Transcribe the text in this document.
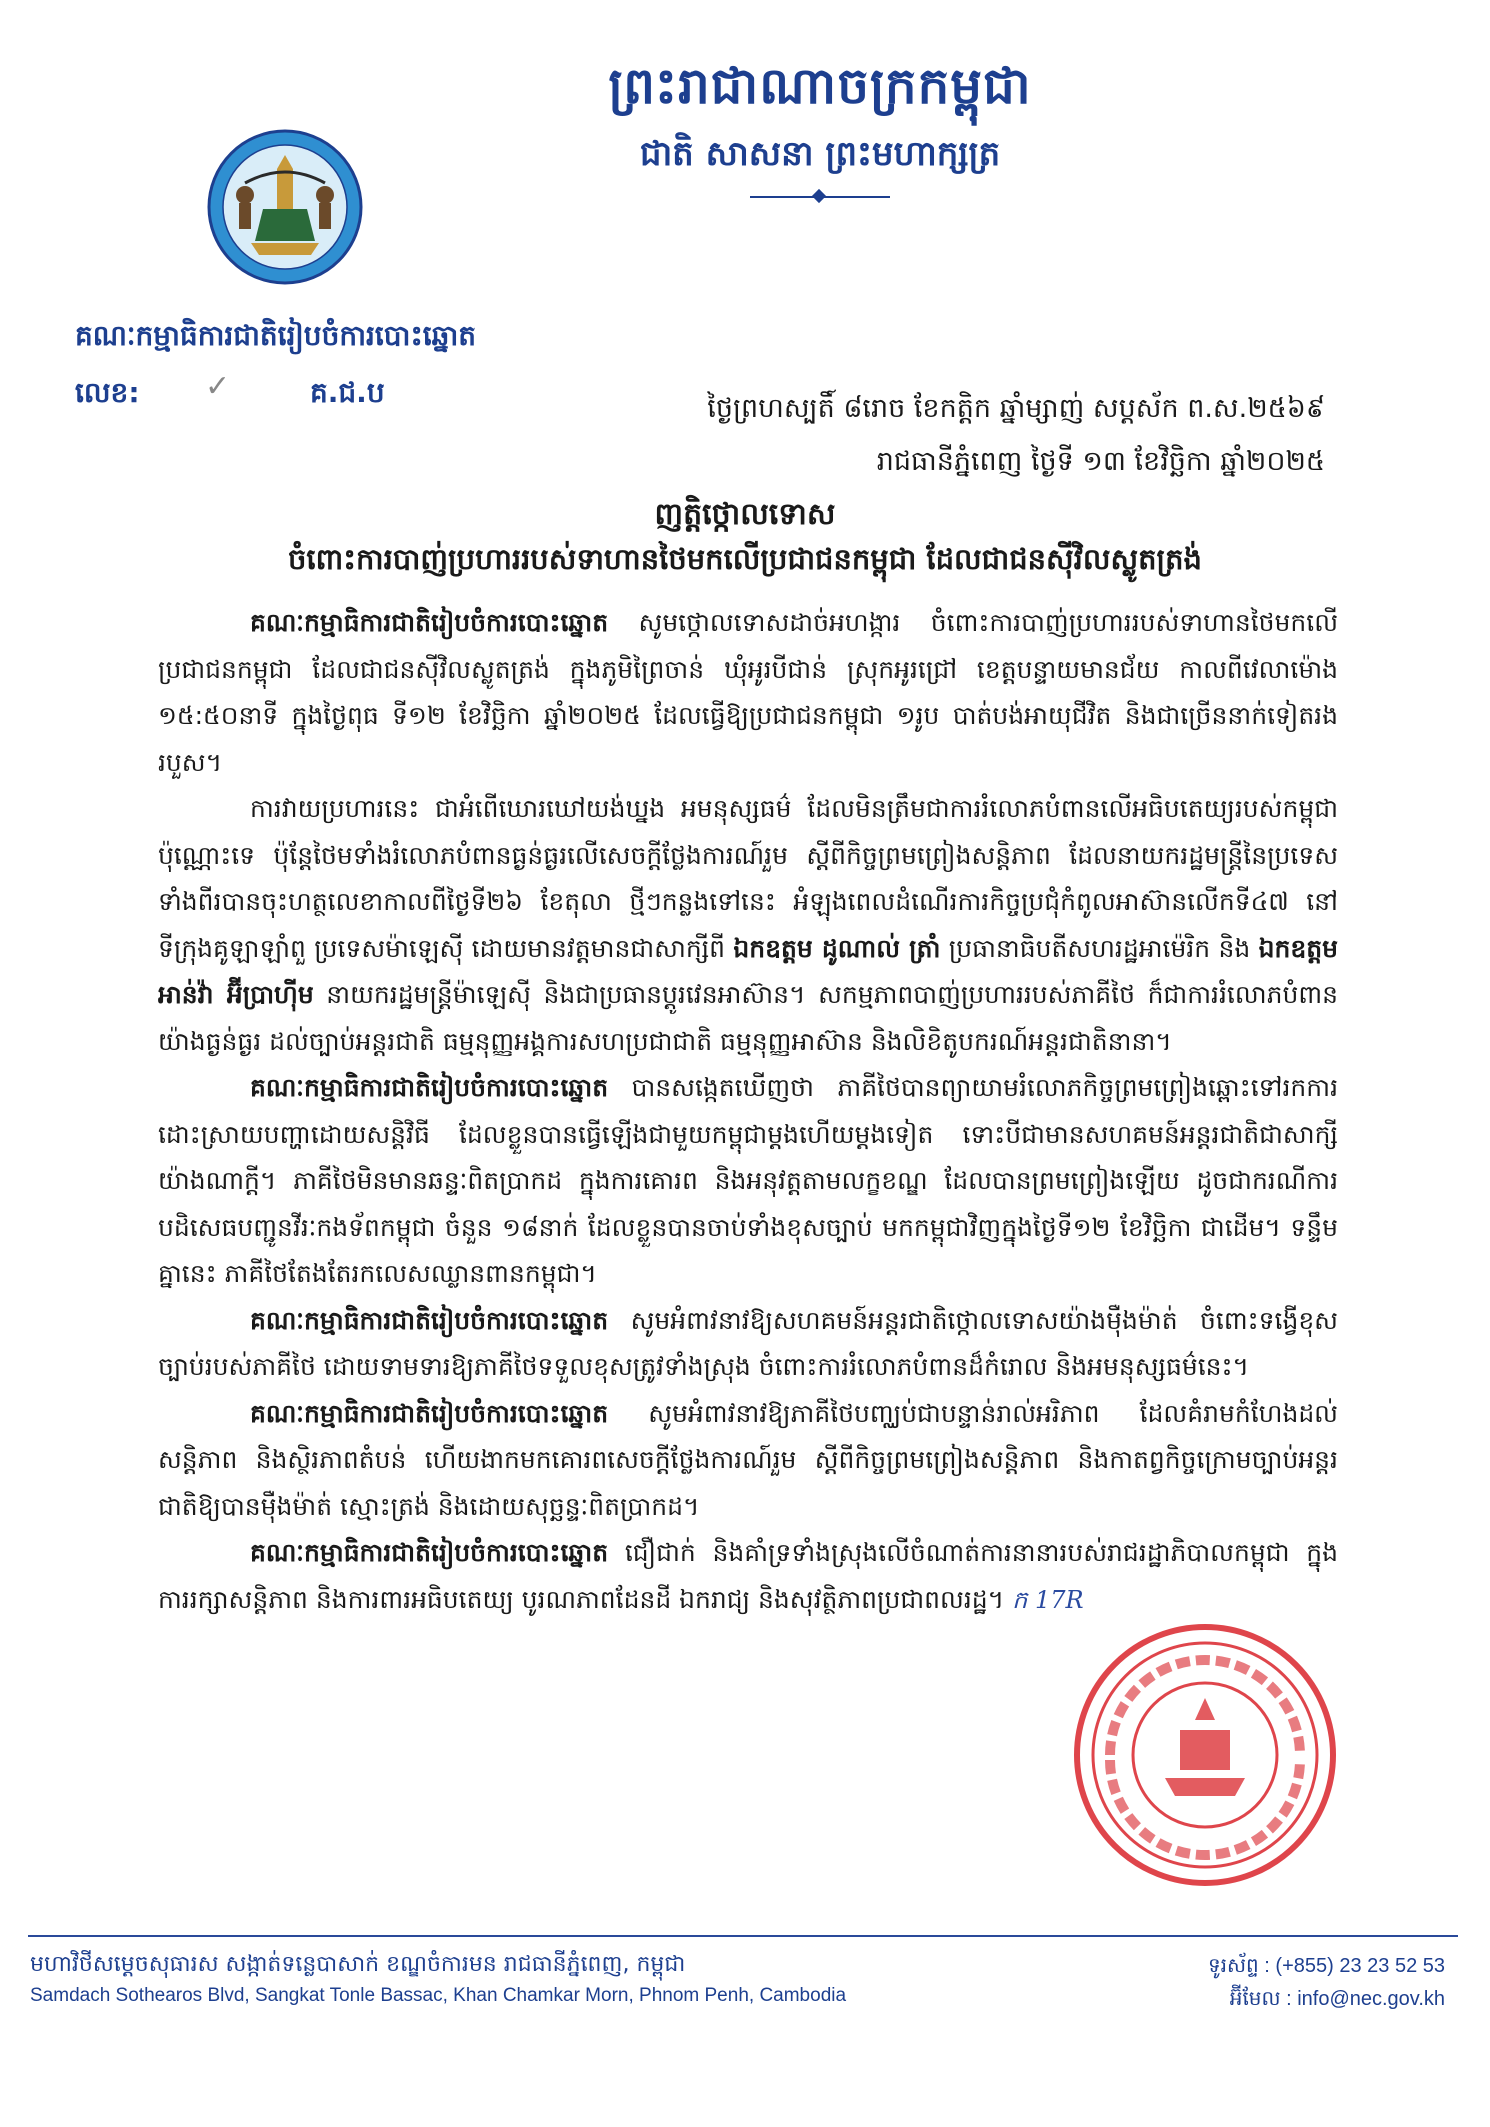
ព្រះរាជាណាចក្រកម្ពុជា
ជាតិ សាសនា ព្រះមហាក្សត្រ
គណៈកម្មាធិការជាតិរៀបចំការបោះឆ្នោត
លេខ: ✓	គ.ជ.ប	ថ្ងៃព្រហស្បតិ៍ ៨រោច ខែកត្តិក ឆ្នាំម្សាញ់ សប្តស័ក ព.ស.២៥៦៩
រាជធានីភ្នំពេញ ថ្ងៃទី ១៣ ខែវិច្ឆិកា ឆ្នាំ២០២៥
ញត្តិថ្កោលទោស
ចំពោះការបាញ់ប្រហាររបស់ទាហានថៃមកលើប្រជាជនកម្ពុជា ដែលជាជនស៊ីវិលស្លូតត្រង់

គណៈកម្មាធិការជាតិរៀបចំការបោះឆ្នោត សូមថ្កោលទោសដាច់អហង្ការ ចំពោះការបាញ់ប្រហាររបស់ទាហានថៃមកលើប្រជាជនកម្ពុជា ដែលជាជនស៊ីវិលស្លូតត្រង់ ក្នុងភូមិព្រៃចាន់ ឃុំអូរបីជាន់ ស្រុកអូរជ្រៅ ខេត្តបន្ទាយមានជ័យ កាលពីវេលាម៉ោង ១៥:៥០នាទី ក្នុងថ្ងៃពុធ ទី១២ ខែវិច្ឆិកា ឆ្នាំ២០២៥ ដែលធ្វើឱ្យប្រជាជនកម្ពុជា ១រូប បាត់បង់អាយុជីវិត និងជាច្រើននាក់ទៀតរងរបួស។

ការវាយប្រហារនេះ ជាអំពើឃោរឃៅយង់ឃ្នង អមនុស្សធម៌ ដែលមិនត្រឹមជាការរំលោភបំពានលើអធិបតេយ្យរបស់កម្ពុជាប៉ុណ្ណោះទេ ប៉ុន្តែថៃមទាំងរំលោភបំពានធ្ងន់ធ្ងរលើសេចក្តីថ្លែងការណ៍រួម ស្តីពីកិច្ចព្រមព្រៀងសន្តិភាព ដែលនាយករដ្ឋមន្ត្រីនៃប្រទេសទាំងពីរបានចុះហត្ថលេខាកាលពីថ្ងៃទី២៦ ខែតុលា ថ្មីៗកន្លងទៅនេះ អំឡុងពេលដំណើរការកិច្ចប្រជុំកំពូលអាស៊ានលើកទី៤៧ នៅទីក្រុងគូឡាឡាំពួ ប្រទេសម៉ាឡេស៊ី ដោយមានវត្តមានជាសាក្សីពី ឯកឧត្តម ដូណាល់ ត្រាំ ប្រធានាធិបតីសហរដ្ឋអាម៉េរិក និង ឯកឧត្តម អាន់វ៉ា អ៊ីប្រាហ៊ីម នាយករដ្ឋមន្ត្រីម៉ាឡេស៊ី និងជាប្រធានប្តូរវេនអាស៊ាន។ សកម្មភាពបាញ់ប្រហាររបស់ភាគីថៃ ក៏ជាការរំលោភបំពានយ៉ាងធ្ងន់ធ្ងរ ដល់ច្បាប់អន្តរជាតិ ធម្មនុញ្ញអង្គការសហប្រជាជាតិ ធម្មនុញ្ញអាស៊ាន និងលិខិតូបករណ៍អន្តរជាតិនានា។

គណៈកម្មាធិការជាតិរៀបចំការបោះឆ្នោត បានសង្កេតឃើញថា ភាគីថៃបានព្យាយាមរំលោភកិច្ចព្រមព្រៀងឆ្ពោះទៅរកការដោះស្រាយបញ្ហាដោយសន្តិវិធី ដែលខ្លួនបានធ្វើឡើងជាមួយកម្ពុជាម្តងហើយម្តងទៀត ទោះបីជាមានសហគមន៍អន្តរជាតិជាសាក្សីយ៉ាងណាក្តី។ ភាគីថៃមិនមានឆន្ទៈពិតប្រាកដ ក្នុងការគោរព និងអនុវត្តតាមលក្ខខណ្ឌ ដែលបានព្រមព្រៀងឡើយ ដូចជាករណីការបដិសេធបញ្ជូនវីរៈកងទ័ពកម្ពុជា ចំនួន ១៨នាក់ ដែលខ្លួនបានចាប់ទាំងខុសច្បាប់ មកកម្ពុជាវិញក្នុងថ្ងៃទី១២ ខែវិច្ឆិកា ជាដើម។ ទន្ទឹមគ្នានេះ ភាគីថៃតែងតែរកលេសឈ្លានពានកម្ពុជា។

គណៈកម្មាធិការជាតិរៀបចំការបោះឆ្នោត សូមអំពាវនាវឱ្យសហគមន៍អន្តរជាតិថ្កោលទោសយ៉ាងម៉ឺងម៉ាត់ ចំពោះទង្វើខុសច្បាប់របស់ភាគីថៃ ដោយទាមទារឱ្យភាគីថៃទទួលខុសត្រូវទាំងស្រុង ចំពោះការរំលោភបំពានដ៏កំរោល និងអមនុស្សធម៌នេះ។

គណៈកម្មាធិការជាតិរៀបចំការបោះឆ្នោត សូមអំពាវនាវឱ្យភាគីថៃបញ្ឈប់ជាបន្ទាន់រាល់អរិភាព ដែលគំរាមកំហែងដល់សន្តិភាព និងស្ថិរភាពតំបន់ ហើយងាកមកគោរពសេចក្តីថ្លែងការណ៍រួម ស្តីពីកិច្ចព្រមព្រៀងសន្តិភាព និងកាតព្វកិច្ចក្រោមច្បាប់អន្តរជាតិឱ្យបានម៉ឺងម៉ាត់ ស្មោះត្រង់ និងដោយសុច្ឆន្ទៈពិតប្រាកដ។

គណៈកម្មាធិការជាតិរៀបចំការបោះឆ្នោត ជឿជាក់ និងគាំទ្រទាំងស្រុងលើចំណាត់ការនានារបស់រាជរដ្ឋាភិបាលកម្ពុជា ក្នុងការរក្សាសន្តិភាព និងការពារអធិបតេយ្យ បូរណភាពដែនដី ឯករាជ្យ និងសុវត្ថិភាពប្រជាពលរដ្ឋ។ ក​ 17R

មហាវិថីសម្តេចសុធារស សង្កាត់ទន្លេបាសាក់ ខណ្ឌចំការមន រាជធានីភ្នំពេញ, កម្ពុជា
Samdach Sothearos Blvd, Sangkat Tonle Bassac, Khan Chamkar Morn, Phnom Penh, Cambodia
ទូរស័ព្ទ : (+855) 23 23 52 53
អ៊ីមែល : info@nec.gov.kh
